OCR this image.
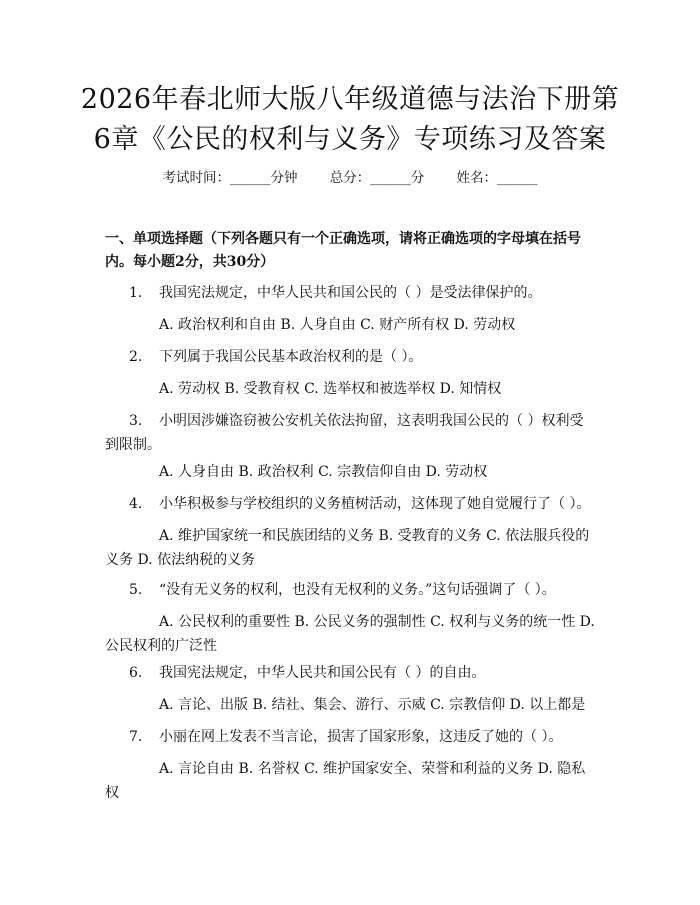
2026年春北师大版八年级道德与法治下册第
6章《公民的权利与义务》专项练习及答案
考试时间：______分钟 总分：______分 姓名：______
一、单项选择题（下列各题只有一个正确选项，请将正确选项的字母填在括号内。每小题2分，共30分）
1. 我国宪法规定，中华人民共和国公民的（ ）是受法律保护的。
A. 政治权利和自由 B. 人身自由 C. 财产所有权 D. 劳动权
2. 下列属于我国公民基本政治权利的是（ ）。
A. 劳动权 B. 受教育权 C. 选举权和被选举权 D. 知情权
3. 小明因涉嫌盗窃被公安机关依法拘留，这表明我国公民的（ ）权利受到限制。
A. 人身自由 B. 政治权利 C. 宗教信仰自由 D. 劳动权
4. 小华积极参与学校组织的义务植树活动，这体现了她自觉履行了（ ）。
A. 维护国家统一和民族团结的义务 B. 受教育的义务 C. 依法服兵役的义务 D. 依法纳税的义务
5. “没有无义务的权利，也没有无权利的义务。”这句话强调了（ ）。
A. 公民权利的重要性 B. 公民义务的强制性 C. 权利与义务的统一性 D. 公民权利的广泛性
6. 我国宪法规定，中华人民共和国公民有（ ）的自由。
A. 言论、出版 B. 结社、集会、游行、示威 C. 宗教信仰 D. 以上都是
7. 小丽在网上发表不当言论，损害了国家形象，这违反了她的（ ）。
A. 言论自由 B. 名誉权 C. 维护国家安全、荣誉和利益的义务 D. 隐私权
